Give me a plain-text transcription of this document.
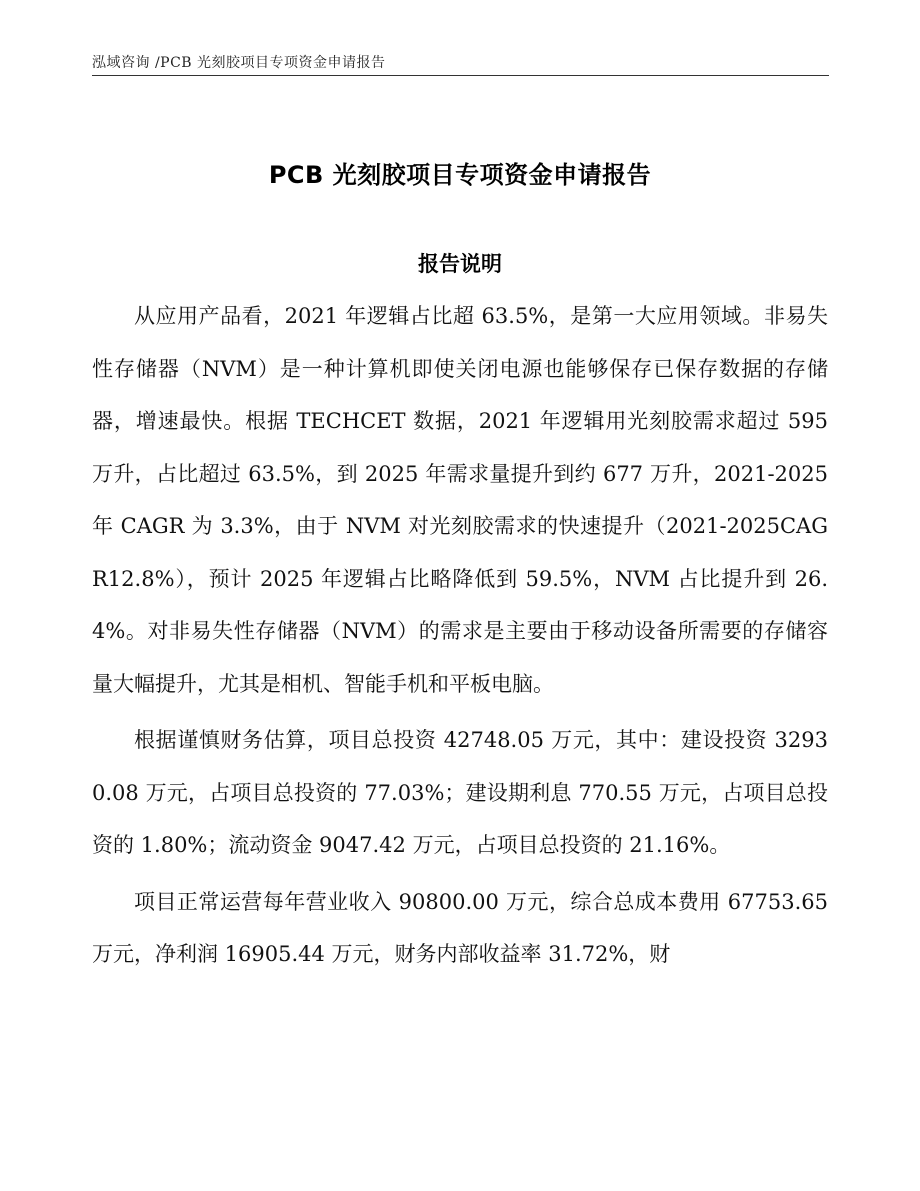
泓域咨询 /PCB 光刻胶项目专项资金申请报告
PCB 光刻胶项目专项资金申请报告
报告说明

从应用产品看，2021 年逻辑占比超 63.5%，是第一大应用领域。非易失性存储器（NVM）是一种计算机即使关闭电源也能够保存已保存数据的存储器，增速最快。根据 TECHCET 数据，2021 年逻辑用光刻胶需求超过 595 万升，占比超过 63.5%，到 2025 年需求量提升到约 677 万升，2021-2025 年 CAGR 为 3.3%，由于 NVM 对光刻胶需求的快速提升（2021-2025CAGR12.8%），预计 2025 年逻辑占比略降低到 59.5%，NVM 占比提升到 26.4%。对非易失性存储器（NVM）的需求是主要由于移动设备所需要的存储容量大幅提升，尤其是相机、智能手机和平板电脑。

根据谨慎财务估算，项目总投资 42748.05 万元，其中：建设投资 32930.08 万元，占项目总投资的 77.03%；建设期利息 770.55 万元，占项目总投资的 1.80%；流动资金 9047.42 万元，占项目总投资的 21.16%。

项目正常运营每年营业收入 90800.00 万元，综合总成本费用 67753.65 万元，净利润 16905.44 万元，财务内部收益率 31.72%，财
